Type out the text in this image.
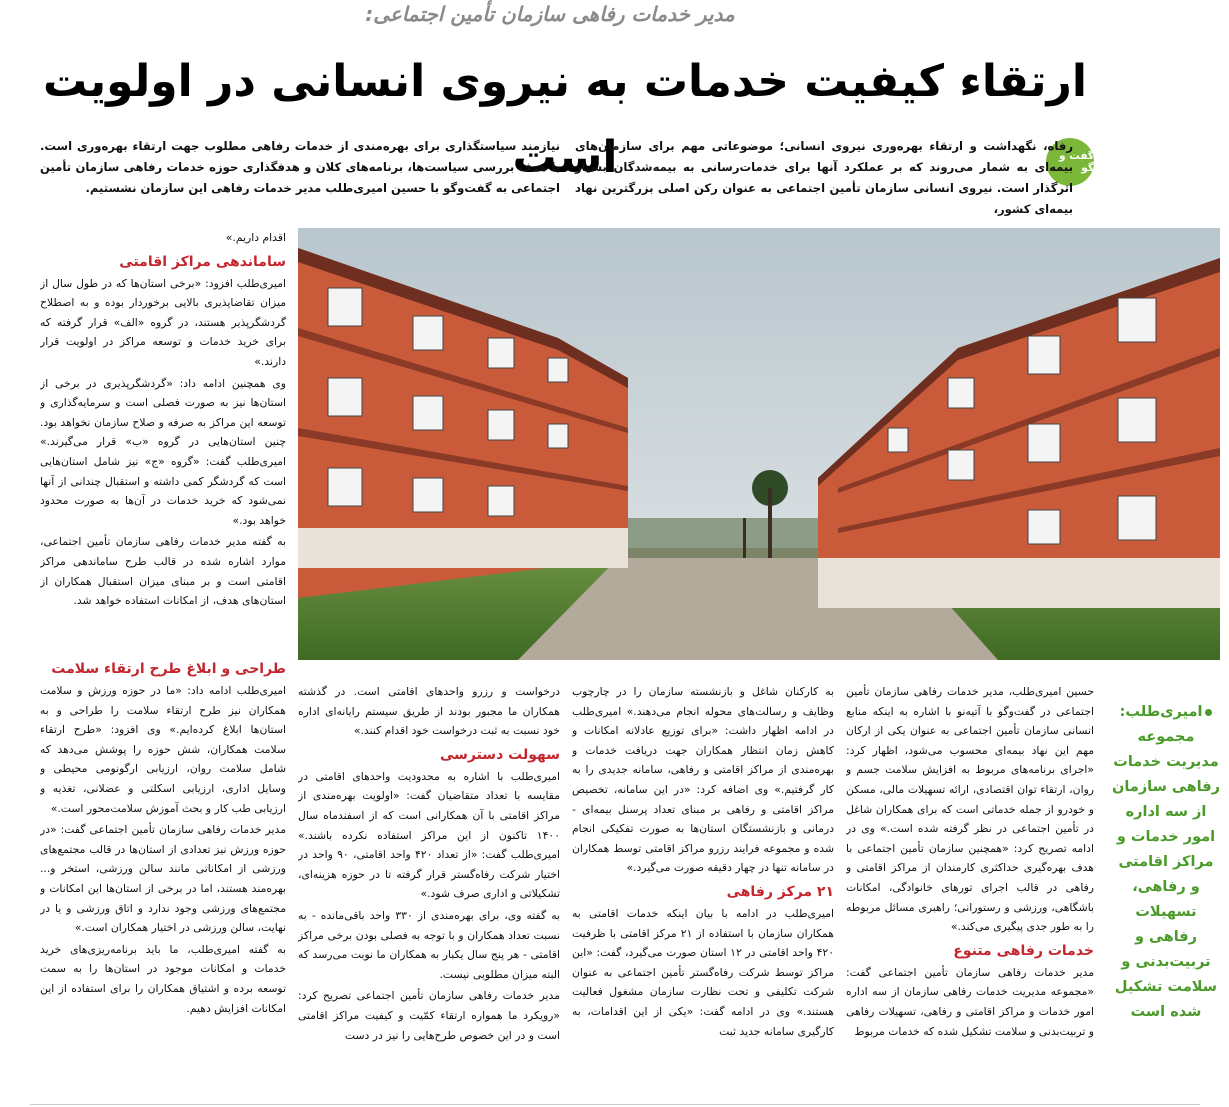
مدیر خدمات رفاهی سازمان تأمین اجتماعی:
ارتقاء کیفیت خدمات به نیروی انسانی در اولویت است	گفت و گو
رفاه، نگهداشت و ارتقاء بهره‌وری نیروی انسانی؛ موضوعاتی مهم برای سازمان‌های بیمه‌ای به شمار می‌روند که بر عملکرد آنها برای خدمات‌رسانی به بیمه‌شدگان بسیار اثرگذار است. نیروی انسانی سازمان تأمین اجتماعی به عنوان رکن اصلی بزرگترین نهاد بیمه‌ای کشور،
نیازمند سیاستگذاری برای بهره‌مندی از خدمات رفاهی مطلوب جهت ارتقاء بهره‌وری است. با هدف بررسی سیاست‌ها، برنامه‌های کلان و هدفگذاری حوزه خدمات رفاهی سازمان تأمین اجتماعی به گفت‌وگو با حسین امیری‌طلب مدیر خدمات رفاهی این سازمان نشستیم.

اقدام داریم.»

ساماندهی مراکز اقامتی

امیری‌طلب افزود: «برخی استان‌ها که در طول سال از میزان تقاضاپذیری بالایی برخوردار بوده و به اصطلاح گردشگرپذیر هستند، در گروه «الف» قرار گرفته که برای خرید خدمات و توسعه مراکز در اولویت قرار دارند.»

وی همچنین ادامه داد: «گردشگرپذیری در برخی از استان‌ها نیز به صورت فصلی است و سرمایه‌گذاری و توسعه این مراکز به صرفه و صلاح سازمان نخواهد بود. چنین استان‌هایی در گروه «ب» قرار می‌گیرند.» امیری‌طلب گفت: «گروه «ج» نیز شامل استان‌هایی است که گردشگر کمی داشته و استقبال چندانی از آنها نمی‌شود که خرید خدمات در آن‌ها به صورت محدود خواهد بود.»

به گفته مدیر خدمات رفاهی سازمان تأمین اجتماعی، موارد اشاره شده در قالب طرح ساماندهی مراکز اقامتی است و بر مبنای میزان استقبال همکاران از استان‌های هدف، از امکانات استفاده خواهد شد.

طراحی و ابلاغ طرح ارتقاء سلامت

امیری‌طلب ادامه داد: «ما در حوزه ورزش و سلامت همکاران نیز طرح ارتقاء سلامت را طراحی و به استان‌ها ابلاغ کرده‌ایم.» وی افزود: «طرح ارتقاء سلامت همکاران، شش حوزه را پوشش می‌دهد که شامل سلامت روان، ارزیابی ارگونومی محیطی و وسایل اداری، ارزیابی اسکلتی و عضلانی، تغذیه و ارزیابی طب کار و بحث آموزش سلامت‌محور است.»

مدیر خدمات رفاهی سازمان تأمین اجتماعی گفت: «در حوزه ورزش نیز تعدادی از استان‌ها در قالب مجتمع‌های ورزشی از امکاناتی مانند سالن ورزشی، استخر و... بهره‌مند هستند، اما در برخی از استان‌ها این امکانات و مجتمع‌های ورزشی وجود ندارد و اتاق ورزشی و یا در نهایت، سالن ورزشی در اختیار همکاران است.»

به گفته امیری‌طلب، ما باید برنامه‌ریزی‌های خرید خدمات و امکانات موجود در استان‌ها را به سمت توسعه برده و اشتیاق همکاران را برای استفاده از این امکانات افزایش دهیم.

درخواست و رزرو واحدهای اقامتی است. در گذشته همکاران ما مجبور بودند از طریق سیستم رایانه‌ای اداره خود نسبت به ثبت درخواست خود اقدام کنند.»

سهولت دسترسی

امیری‌طلب با اشاره به محدودیت واحدهای اقامتی در مقایسه با تعداد متقاضیان گفت: «اولویت بهره‌مندی از مراکز اقامتی با آن همکارانی است که از اسفندماه سال ۱۴۰۰ تاکنون از این مراکز استفاده نکرده باشند.» امیری‌طلب گفت: «از تعداد ۴۲۰ واحد اقامتی، ۹۰ واحد در اختیار شرکت رفاه‌گستر قرار گرفته تا در حوزه هزینه‌ای، تشکیلاتی و اداری صرف شود.»

به گفته وی، برای بهره‌مندی از ۳۳۰ واحد باقی‌مانده - به نسبت تعداد همکاران و با توجه به فصلی بودن برخی مراکز اقامتی - هر پنج سال یکبار به همکاران ما نوبت می‌رسد که البته میزان مطلوبی نیست.

مدیر خدمات رفاهی سازمان تأمین اجتماعی تصریح کرد: «رویکرد ما همواره ارتقاء کمّیت و کیفیت مراکز اقامتی است و در این خصوص طرح‌هایی را نیز در دست

به کارکنان شاغل و بازنشسته سازمان را در چارچوب وظایف و رسالت‌های محوله انجام می‌دهند.» امیری‌طلب در ادامه اظهار داشت: «برای توزیع عادلانه امکانات و کاهش زمان انتظار همکاران جهت دریافت خدمات و بهره‌مندی از مراکز اقامتی و رفاهی، سامانه جدیدی را به کار گرفتیم.» وی اضافه کرد: «در این سامانه، تخصیص مراکز اقامتی و رفاهی بر مبنای تعداد پرسنل بیمه‌ای - درمانی و بازنشستگان استان‌ها به صورت تفکیکی انجام شده و مجموعه فرایند رزرو مراکز اقامتی توسط همکاران در سامانه تنها در چهار دقیقه صورت می‌گیرد.»

۲۱ مرکز رفاهی

امیری‌طلب در ادامه با بیان اینکه خدمات اقامتی به همکاران سازمان با استفاده از ۲۱ مرکز اقامتی با ظرفیت ۴۲۰ واحد اقامتی در ۱۲ استان صورت می‌گیرد، گفت: «این مراکز توسط شرکت رفاه‌گستر تأمین اجتماعی به عنوان شرکت تکلیفی و تحت نظارت سازمان مشغول فعالیت هستند.» وی در ادامه گفت: «یکی از این اقدامات، به کارگیری سامانه جدید ثبت

حسین امیری‌طلب، مدیر خدمات رفاهی سازمان تأمین اجتماعی در گفت‌وگو با آتیه‌نو با اشاره به اینکه منابع انسانی سازمان تأمین اجتماعی به عنوان یکی از ارکان مهم این نهاد بیمه‌ای محسوب می‌شود، اظهار کرد: «اجرای برنامه‌های مربوط به افزایش سلامت جسم و روان، ارتقاء توان اقتصادی، ارائه تسهیلات مالی، مسکن و خودرو از جمله خدماتی است که برای همکاران شاغل در تأمین اجتماعی در نظر گرفته شده است.» وی در ادامه تصریح کرد: «همچنین سازمان تأمین اجتماعی با هدف بهره‌گیری حداکثری کارمندان از مراکز اقامتی و رفاهی در قالب اجرای تورهای خانوادگی، امکانات باشگاهی، ورزشی و رستورانی؛ راهبری مسائل مربوطه را به طور جدی پیگیری می‌کند.»

خدمات رفاهی متنوع

مدیر خدمات رفاهی سازمان تأمین اجتماعی گفت: «مجموعه مدیریت خدمات رفاهی سازمان از سه اداره امور خدمات و مراکز اقامتی و رفاهی، تسهیلات رفاهی و تربیت‌بدنی و سلامت تشکیل شده که خدمات مربوط

امیری‌طلب:
مجموعه مدیریت خدمات رفاهی سازمان از سه اداره امور خدمات و مراکز اقامتی و رفاهی، تسهیلات رفاهی و تربیت‌بدنی و سلامت تشکیل شده است
